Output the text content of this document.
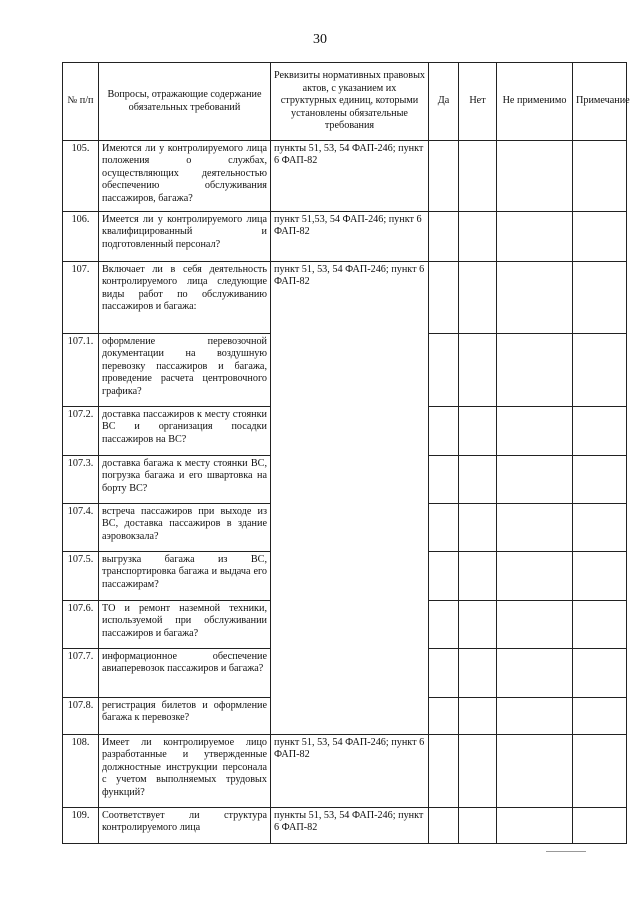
30
№ п/п	Вопросы, отражающие содержание обязательных требований	Реквизиты нормативных правовых актов, с указанием их структурных единиц, которыми установлены обязательные требования	Да	Нет	Не применимо	Примечание
105.	Имеются ли у контролируемого лица положения о службах, осуществляющих деятельностью обеспечению обслуживания пассажиров, багажа?	пункты 51, 53, 54 ФАП-246; пункт 6 ФАП-82				
106.	Имеется ли у контролируемого лица квалифицированный и подготовленный персонал?	пункт 51,53, 54 ФАП-246; пункт 6 ФАП-82				
107.	Включает ли в себя деятельность контролируемого лица следующие виды работ по обслуживанию пассажиров и багажа:	пункт 51, 53, 54 ФАП-246; пункт 6 ФАП-82				
107.1.	оформление перевозочной документации на воздушную перевозку пассажиров и багажа, проведение расчета центровочного графика?					
107.2.	доставка пассажиров к месту стоянки ВС и организация посадки пассажиров на ВС?					
107.3.	доставка багажа к месту стоянки ВС, погрузка багажа и его швартовка на борту ВС?					
107.4.	встреча пассажиров при выходе из ВС, доставка пассажиров в здание аэровокзала?					
107.5.	выгрузка багажа из ВС, транспортировка багажа и выдача его пассажирам?					
107.6.	ТО и ремонт наземной техники, используемой при обслуживании пассажиров и багажа?					
107.7.	информационное обеспечение авиаперевозок пассажиров и багажа?					
107.8.	регистрация билетов и оформление багажа к перевозке?					
108.	Имеет ли контролируемое лицо разработанные и утвержденные должностные инструкции персонала с учетом выполняемых трудовых функций?	пункт 51, 53, 54 ФАП-246; пункт 6 ФАП-82				
109.	Соответствует ли структура контролируемого лица	пункты 51, 53, 54 ФАП-246; пункт 6 ФАП-82				
